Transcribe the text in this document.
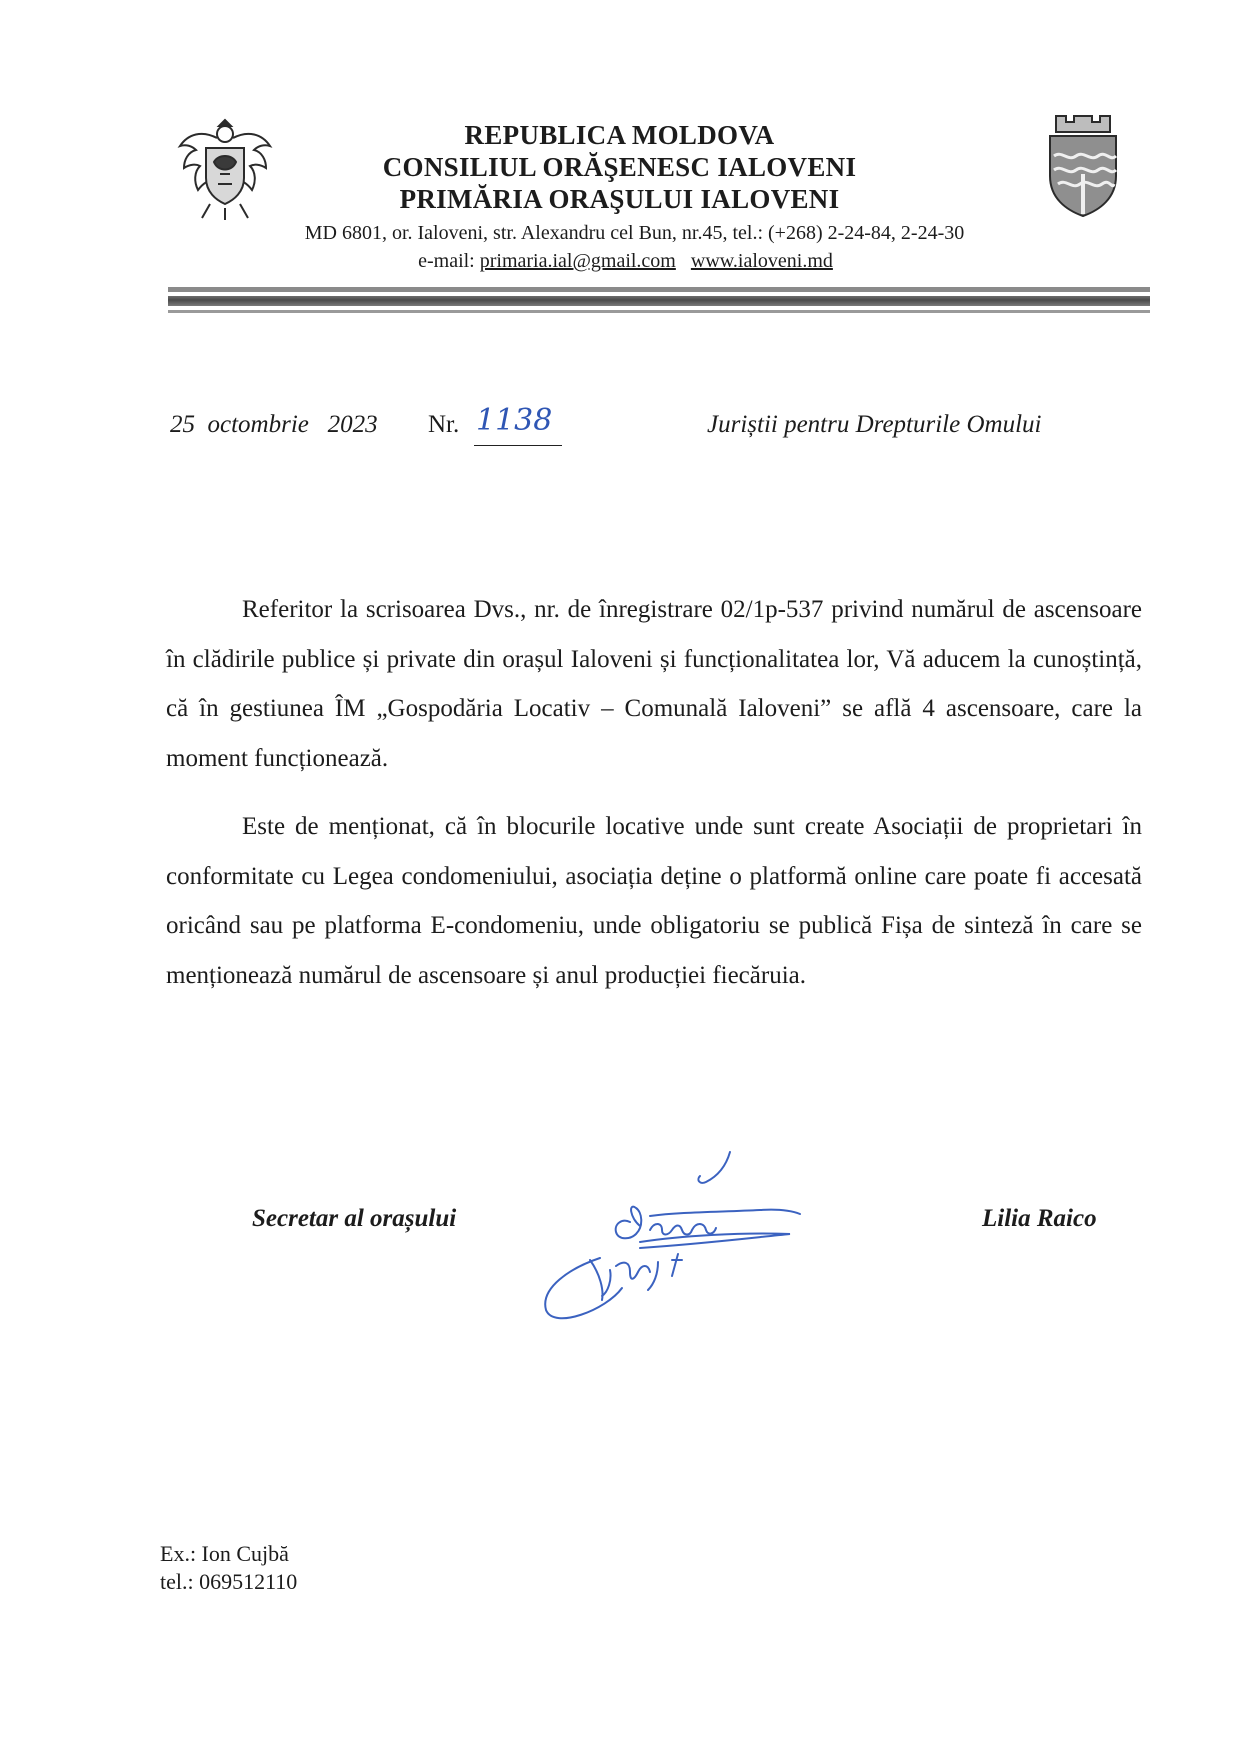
REPUBLICA MOLDOVA
CONSILIUL ORĂŞENESC IALOVENI
PRIMĂRIA ORAŞULUI IALOVENI
MD 6801, or. Ialoveni, str. Alexandru cel Bun, nr.45, tel.: (+268) 2-24-84, 2-24-30
e-mail: primaria.ial@gmail.com www.ialoveni.md
25  octombrie   2023 Nr. 1138	Juriștii pentru Drepturile Omului

Referitor la scrisoarea Dvs., nr. de înregistrare 02/1p-537 privind numărul de ascensoare în clădirile publice și private din orașul Ialoveni și funcționalitatea lor, Vă aducem la cunoștință, că în gestiunea ÎM „Gospodăria Locativ – Comunală Ialoveni” se află 4 ascensoare, care la moment funcționează.

Este de menționat, că în blocurile locative unde sunt create Asociații de proprietari în conformitate cu Legea condomeniului, asociația deține o platformă online care poate fi accesată oricând sau pe platforma E-condomeniu, unde obligatoriu se publică Fișa de sinteză în care se menționează numărul de ascensoare și anul producției fiecăruia.

Secretar al orașului	Lilia Raico
Ex.: Ion Cujbă
tel.: 069512110
